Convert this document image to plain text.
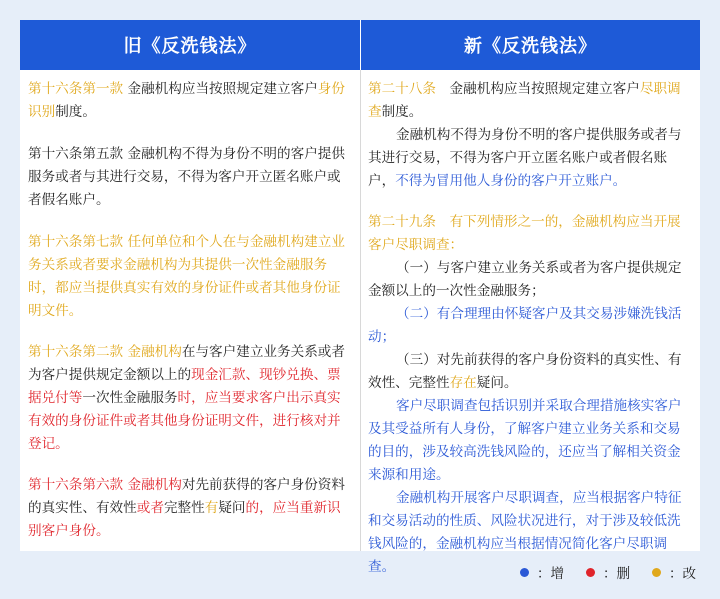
旧《反洗钱法》	新《反洗钱法》

第十六条第一款 金融机构应当按照规定建立客户身份识别制度。

第十六条第五款 金融机构不得为身份不明的客户提供服务或者与其进行交易，不得为客户开立匿名账户或者假名账户。

第十六条第七款 任何单位和个人在与金融机构建立业务关系或者要求金融机构为其提供一次性金融服务时，都应当提供真实有效的身份证件或者其他身份证明文件。

第十六条第二款 金融机构在与客户建立业务关系或者为客户提供规定金额以上的现金汇款、现钞兑换、票据兑付等一次性金融服务时，应当要求客户出示真实有效的身份证件或者其他身份证明文件，进行核对并登记。

第十六条第六款 金融机构对先前获得的客户身份资料的真实性、有效性或者完整性有疑问的，应当重新识别客户身份。

第二十八条　金融机构应当按照规定建立客户尽职调查制度。

金融机构不得为身份不明的客户提供服务或者与其进行交易，不得为客户开立匿名账户或者假名账户，不得为冒用他人身份的客户开立账户。

第二十九条　有下列情形之一的，金融机构应当开展客户尽职调查：

（一）与客户建立业务关系或者为客户提供规定金额以上的一次性金融服务；

（二）有合理理由怀疑客户及其交易涉嫌洗钱活动；

（三）对先前获得的客户身份资料的真实性、有效性、完整性存在疑问。

客户尽职调查包括识别并采取合理措施核实客户及其受益所有人身份，了解客户建立业务关系和交易的目的，涉及较高洗钱风险的，还应当了解相关资金来源和用途。

金融机构开展客户尽职调查，应当根据客户特征和交易活动的性质、风险状况进行，对于涉及较低洗钱风险的，金融机构应当根据情况简化客户尽职调查。	：增	：删	：改
